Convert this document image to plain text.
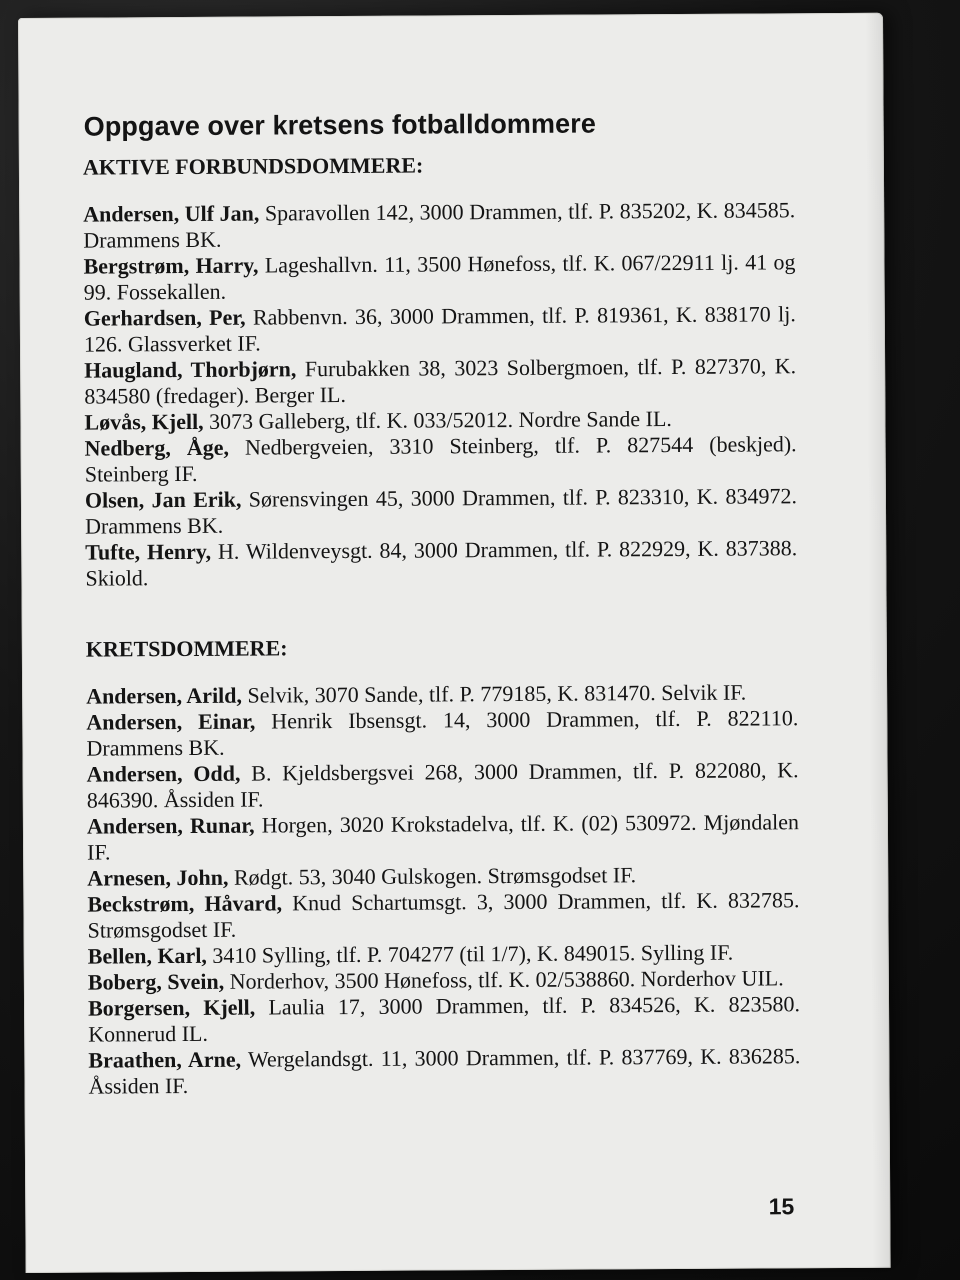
Oppgave over kretsens fotballdommere
AKTIVE FORBUNDSDOMMERE:

Andersen, Ulf Jan, Sparavollen 142, 3000 Drammen, tlf. P. 835202, K. 834585. Drammens BK.

Bergstrøm, Harry, Lageshallvn. 11, 3500 Hønefoss, tlf. K. 067/22911 lj. 41 og 99. Fossekallen.

Gerhardsen, Per, Rabbenvn. 36, 3000 Drammen, tlf. P. 819361, K. 838170 lj. 126. Glassverket IF.

Haugland, Thorbjørn, Furubakken 38, 3023 Solbergmoen, tlf. P. 827370, K. 834580 (fredager). Berger IL.

Løvås, Kjell, 3073 Galleberg, tlf. K. 033/52012. Nordre Sande IL.

Nedberg, Åge, Nedbergveien, 3310 Steinberg, tlf. P. 827544 (beskjed). Steinberg IF.

Olsen, Jan Erik, Sørensvingen 45, 3000 Drammen, tlf. P. 823310, K. 834972. Drammens BK.

Tufte, Henry, H. Wildenveysgt. 84, 3000 Drammen, tlf. P. 822929, K. 837388. Skiold.

KRETSDOMMERE:

Andersen, Arild, Selvik, 3070 Sande, tlf. P. 779185, K. 831470. Selvik IF.

Andersen, Einar, Henrik Ibsensgt. 14, 3000 Drammen, tlf. P. 822110. Drammens BK.

Andersen, Odd, B. Kjeldsbergsvei 268, 3000 Drammen, tlf. P. 822080, K. 846390. Åssiden IF.

Andersen, Runar, Horgen, 3020 Krokstadelva, tlf. K. (02) 530972. Mjøndalen IF.

Arnesen, John, Rødgt. 53, 3040 Gulskogen. Strømsgodset IF.

Beckstrøm, Håvard, Knud Schartumsgt. 3, 3000 Drammen, tlf. K. 832785. Strømsgodset IF.

Bellen, Karl, 3410 Sylling, tlf. P. 704277 (til 1/7), K. 849015. Sylling IF.

Boberg, Svein, Norderhov, 3500 Hønefoss, tlf. K. 02/538860. Norderhov UIL.

Borgersen, Kjell, Laulia 17, 3000 Drammen, tlf. P. 834526, K. 823580. Konnerud IL.

Braathen, Arne, Wergelandsgt. 11, 3000 Drammen, tlf. P. 837769, K. 836285. Åssiden IF.

15
